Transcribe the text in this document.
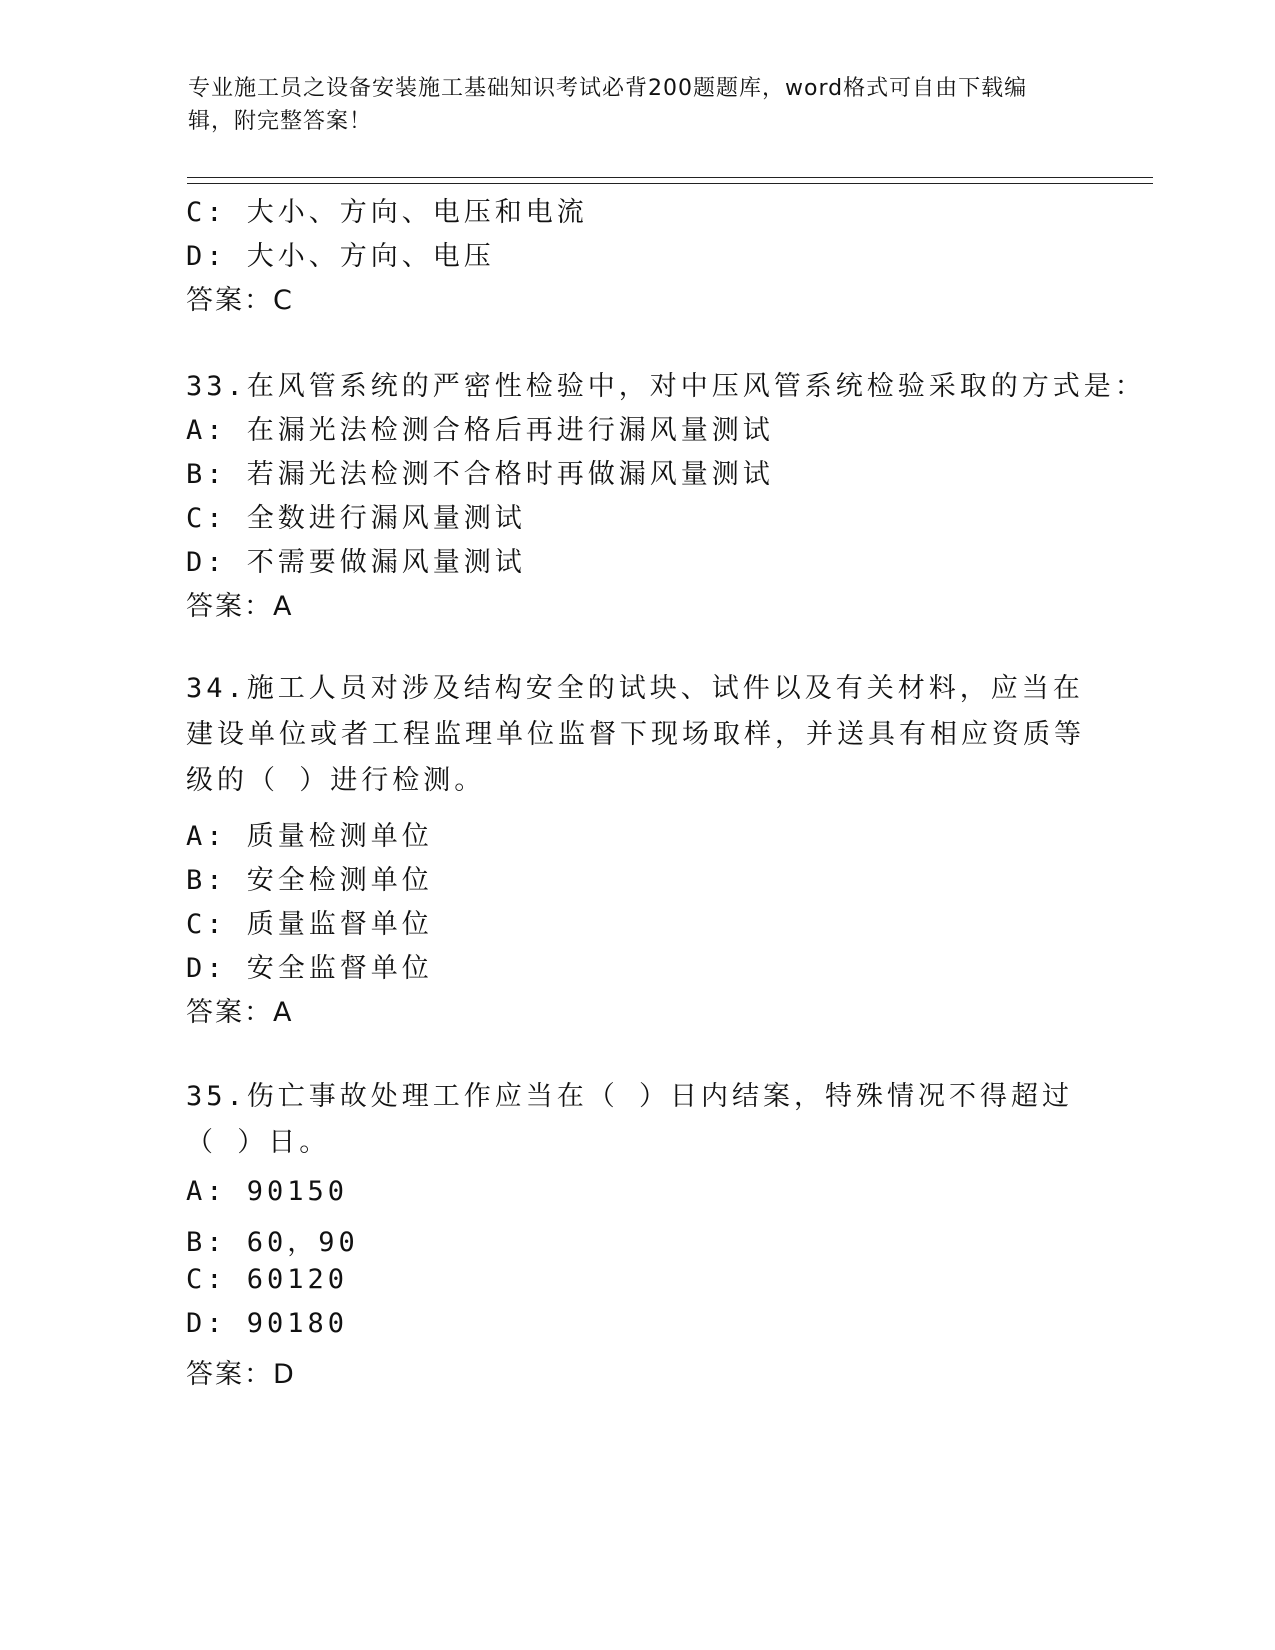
专业施工员之设备安装施工基础知识考试必背200题题库，word格式可自由下载编辑，附完整答案！
C: 大小、方向、电压和电流
D: 大小、方向、电压
答案：C
33.在风管系统的严密性检验中，对中压风管系统检验采取的方式是：
A: 在漏光法检测合格后再进行漏风量测试
B: 若漏光法检测不合格时再做漏风量测试
C: 全数进行漏风量测试
D: 不需要做漏风量测试
答案：A
34.施工人员对涉及结构安全的试块、试件以及有关材料，应当在建设单位或者工程监理单位监督下现场取样，并送具有相应资质等级的（ ）进行检测。
A: 质量检测单位
B: 安全检测单位
C: 质量监督单位
D: 安全监督单位
答案：A
35.伤亡事故处理工作应当在（ ）日内结案，特殊情况不得超过（ ）日。
A: 90150
B: 60，90
C: 60120
D: 90180
答案：D
